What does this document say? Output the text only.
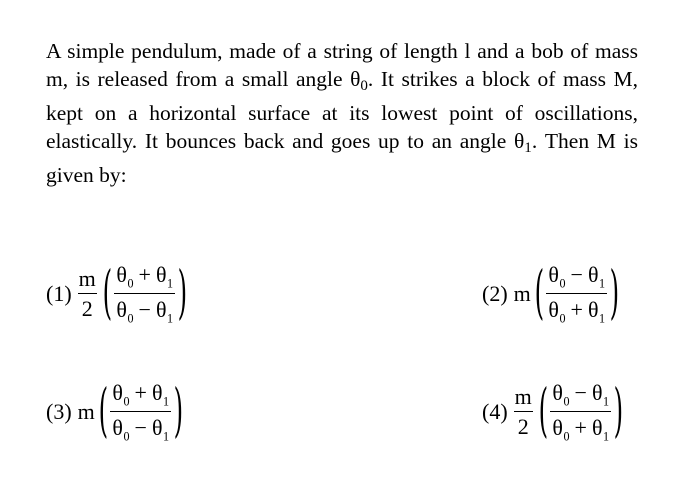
A simple pendulum, made of a string of length l and a bob of mass m, is released from a small angle $\theta_0$. It strikes a block of mass M, kept on a horizontal surface at its lowest point of oscillations, elastically. It bounces back and goes up to an angle $\theta_1$. Then M is given by:
$(1) \frac{m}{2}$ ( $\frac{\theta_0 + \theta_1}{\theta_0 - \theta_1}$ )	(2) m ( $\frac{\theta_0 - \theta_1}{\theta_0 + \theta_1}$ )
(3) m ( $\frac{\theta_0 + \theta_1}{\theta_0 - \theta_1}$ )	$(4) \frac{m}{2}$ ( $\frac{\theta_0 - \theta_1}{\theta_0 + \theta_1}$ )
